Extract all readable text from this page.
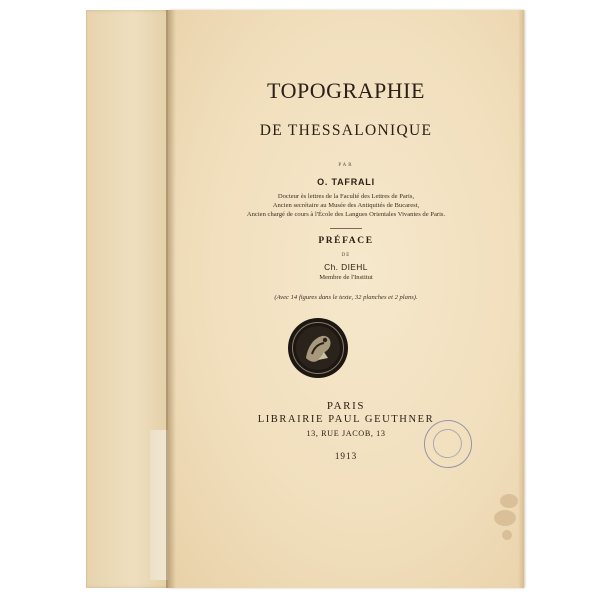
TOPOGRAPHIE
DE THESSALONIQUE
PAR
O. TAFRALI
Docteur ès lettres de la Faculté des Lettres de Paris,
Ancien secrétaire au Musée des Antiquités de Bucarest,
Ancien chargé de cours à l'École des Langues Orientales Vivantes de Paris.
PRÉFACE
DE
Ch. DIEHL
Membre de l'Institut
(Avec 14 figures dans le texte, 32 planches et 2 plans).
PARIS
LIBRAIRIE PAUL GEUTHNER
13, RUE JACOB, 13
1913
